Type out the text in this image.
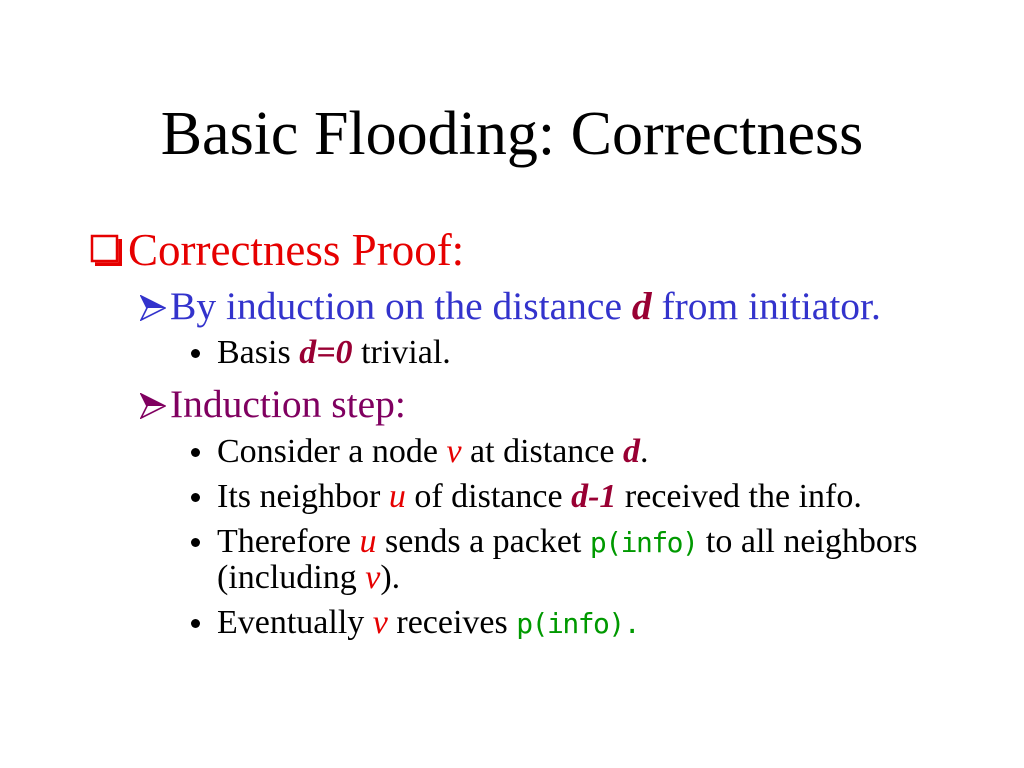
Basic Flooding: Correctness
Correctness Proof:
By induction on the distance d from initiator.
Basis d=0 trivial.
Induction step:
Consider a node v at distance d.
Its neighbor u of distance d-1 received the info.
Therefore u sends a packet p(info) to all neighbors
(including v).
Eventually v receives p(info).
